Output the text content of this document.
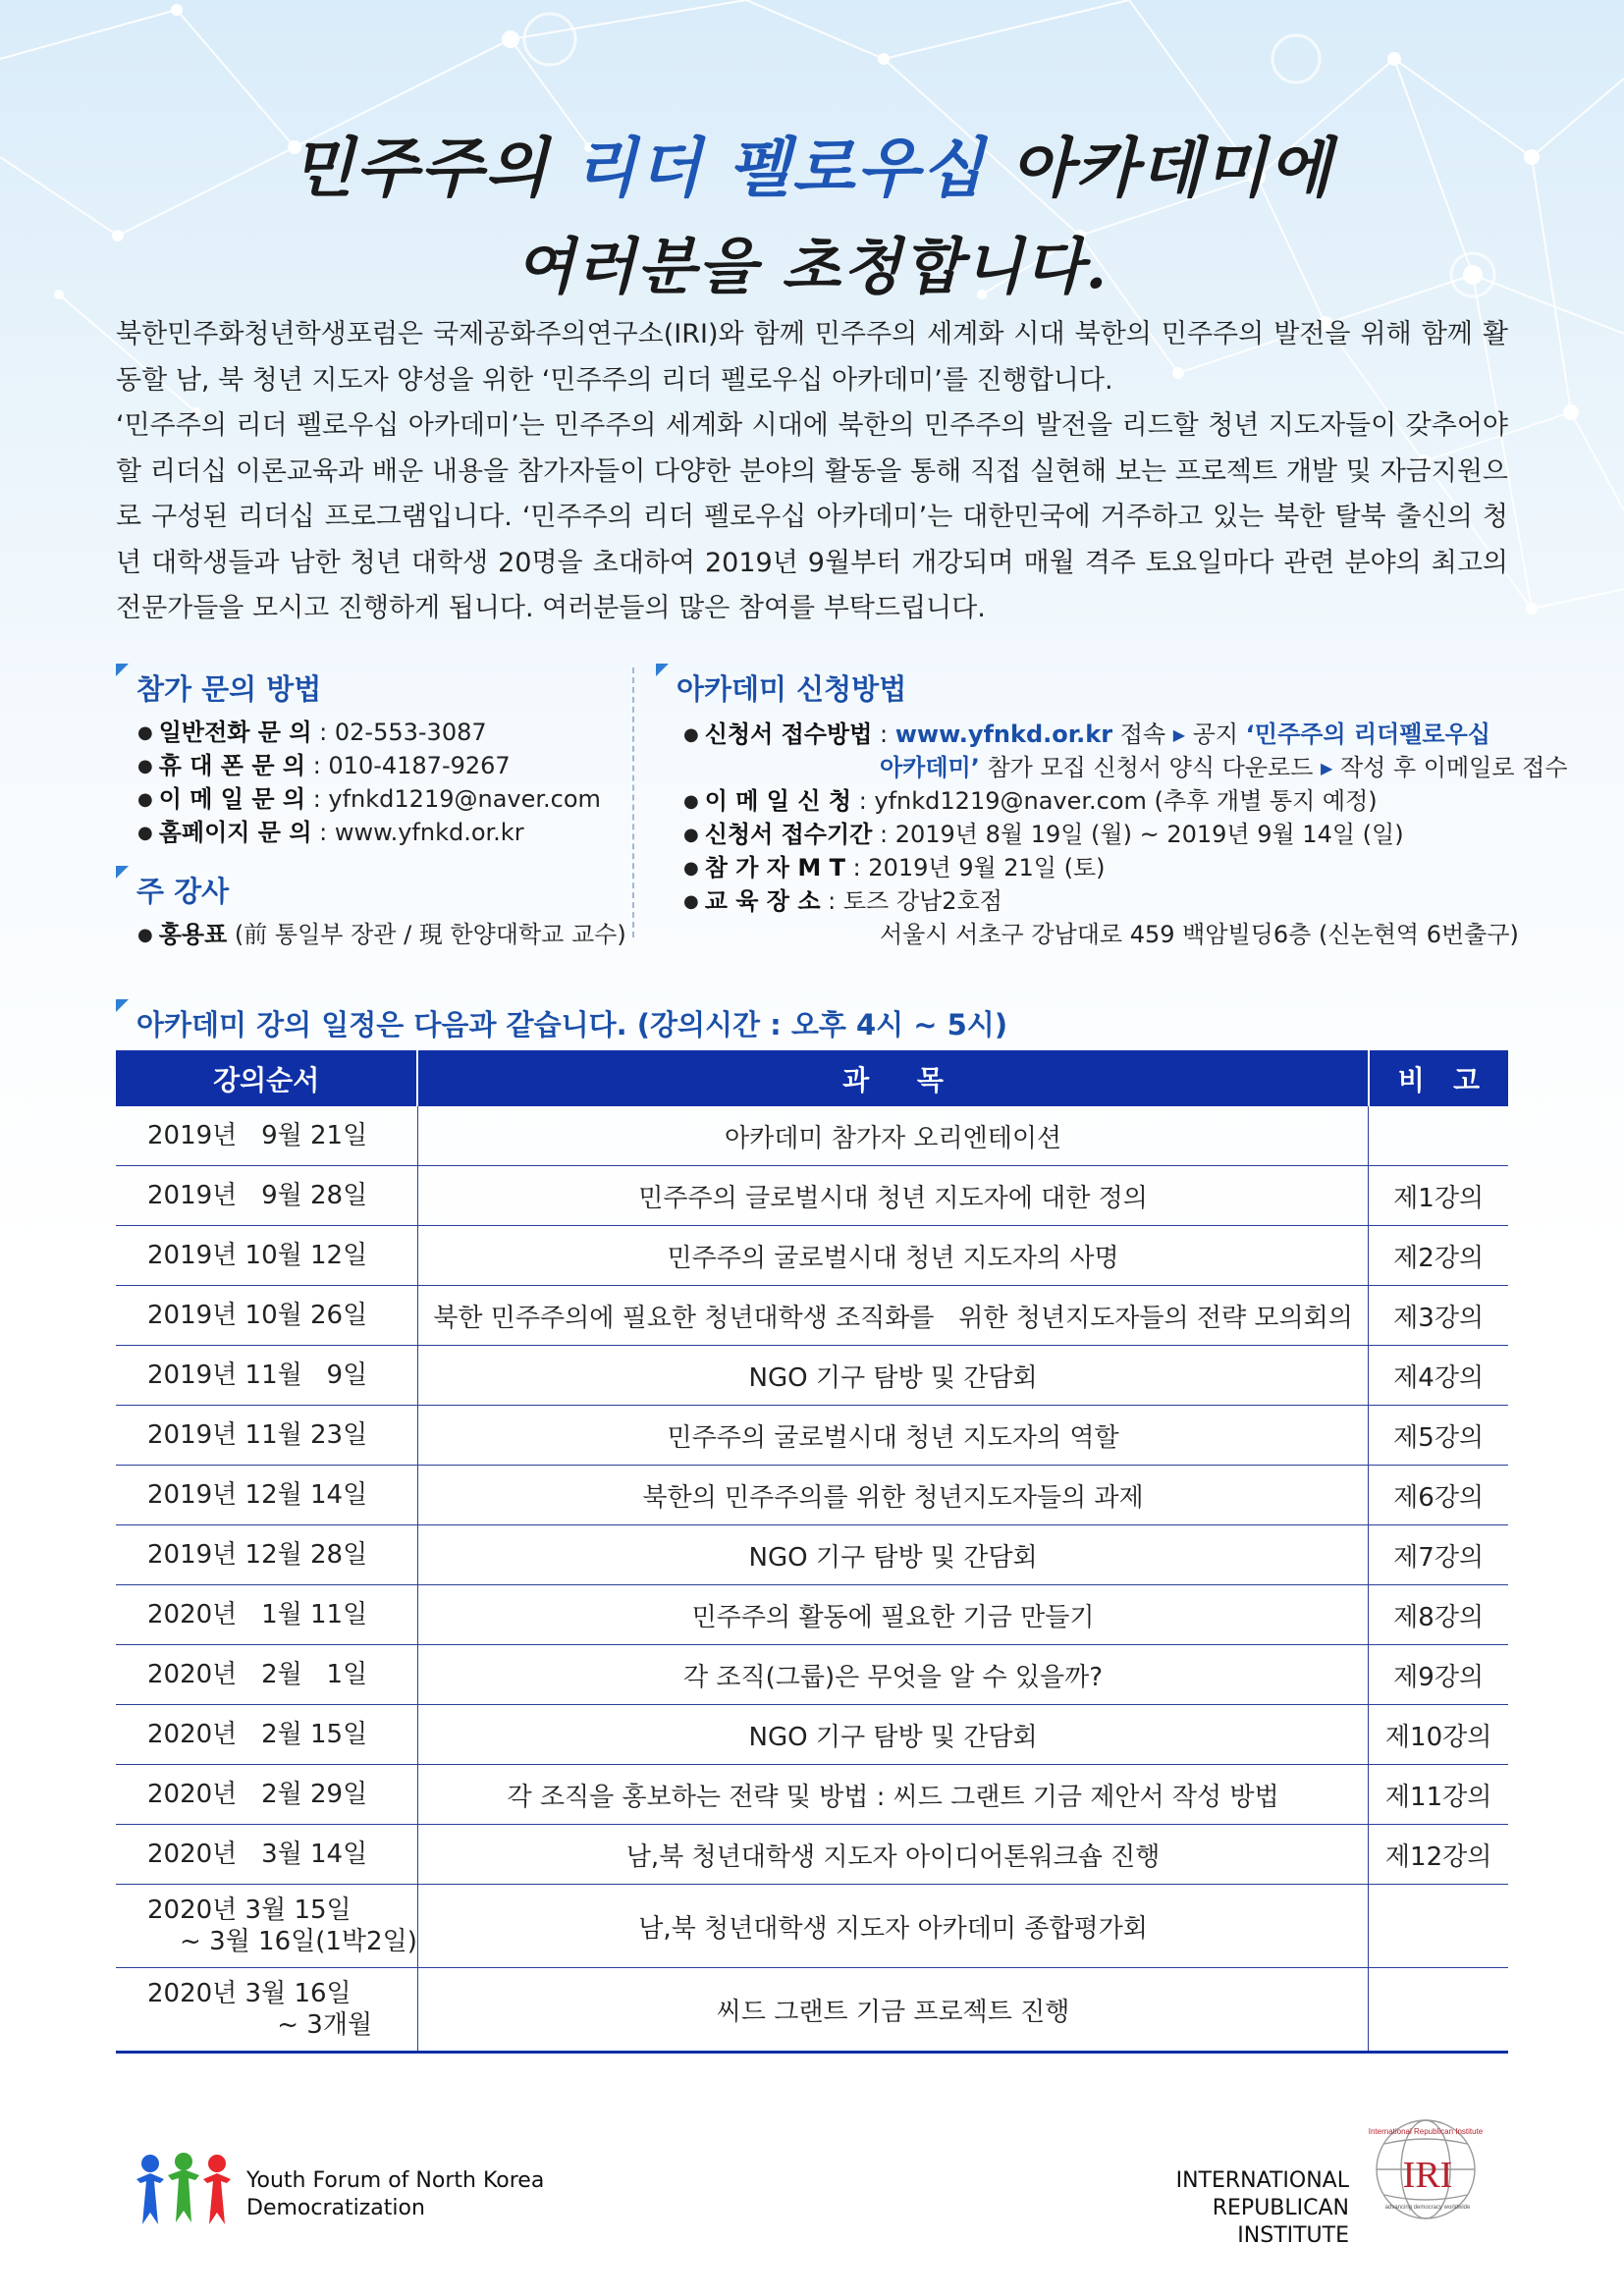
민주주의 리더 펠로우십 아카데미에
여러분을 초청합니다.

북한민주화청년학생포럼은 국제공화주의연구소(IRI)와 함께 민주주의 세계화 시대 북한의 민주주의 발전을 위해 함께 활동할 남, 북 청년 지도자 양성을 위한 ‘민주주의 리더 펠로우십 아카데미’를 진행합니다.

‘민주주의 리더 펠로우십 아카데미’는 민주주의 세계화 시대에 북한의 민주주의 발전을 리드할 청년 지도자들이 갖추어야 할 리더십 이론교육과 배운 내용을 참가자들이 다양한 분야의 활동을 통해 직접 실현해 보는 프로젝트 개발 및 자금지원으로 구성된 리더십 프로그램입니다. ‘민주주의 리더 펠로우십 아카데미’는 대한민국에 거주하고 있는 북한 탈북 출신의 청년 대학생들과 남한 청년 대학생 20명을 초대하여 2019년 9월부터 개강되며 매월 격주 토요일마다 관련 분야의 최고의 전문가들을 모시고 진행하게 됩니다. 여러분들의 많은 참여를 부탁드립니다.

참가 문의 방법
● 일반전화 문 의 : 02-553-3087
● 휴 대 폰 문 의 : 010-4187-9267
● 이 메 일 문 의 : yfnkd1219@naver.com
● 홈페이지 문 의 : www.yfnkd.or.kr
주 강사
● 홍용표 (前 통일부 장관 / 現 한양대학교 교수)
아카데미 신청방법
● 신청서 접수방법 : www.yfnkd.or.kr 접속 ▶ 공지 ‘민주주의 리더펠로우십
아카데미’ 참가 모집 신청서 양식 다운로드 ▶ 작성 후 이메일로 접수
● 이 메 일 신 청 : yfnkd1219@naver.com (추후 개별 통지 예정)
● 신청서 접수기간 : 2019년 8월 19일 (월) ~ 2019년 9월 14일 (일)
● 참 가 자 M T : 2019년 9월 21일 (토)
● 교 육 장 소 : 토즈 강남2호점
서울시 서초구 강남대로 459 백암빌딩6층 (신논현역 6번출구)
아카데미 강의 일정은 다음과 같습니다. (강의시간 : 오후 4시 ~ 5시)
강의순서	과     목	비   고
2019년   9월 21일	아카데미 참가자 오리엔테이션	
2019년   9월 28일	민주주의 글로벌시대 청년 지도자에 대한 정의	제1강의
2019년 10월 12일	민주주의 굴로벌시대 청년 지도자의 사명	제2강의
2019년 10월 26일	북한 민주주의에 필요한 청년대학생 조직화를   위한 청년지도자들의 전략 모의회의	제3강의
2019년 11월   9일	NGO 기구 탐방 및 간담회	제4강의
2019년 11월 23일	민주주의 굴로벌시대 청년 지도자의 역할	제5강의
2019년 12월 14일	북한의 민주주의를 위한 청년지도자들의 과제	제6강의
2019년 12월 28일	NGO 기구 탐방 및 간담회	제7강의
2020년   1월 11일	민주주의 활동에 필요한 기금 만들기	제8강의
2020년   2월   1일	각 조직(그룹)은 무엇을 알 수 있을까?	제9강의
2020년   2월 15일	NGO 기구 탐방 및 간담회	제10강의
2020년   2월 29일	각 조직을 홍보하는 전략 및 방법 : 씨드 그랜트 기금 제안서 작성 방법	제11강의
2020년   3월 14일	남,북 청년대학생 지도자 아이디어톤워크숍 진행	제12강의
2020년 3월 15일
~ 3월 16일(1박2일)	남,북 청년대학생 지도자 아카데미 종합평가회	
2020년 3월 16일
~ 3개월	씨드 그랜트 기금 프로젝트 진행	
Youth Forum of North Korea
Democratization
INTERNATIONAL
REPUBLICAN INSTITUTE
International Republican Institute
IRI
advancing democracy worldwide
